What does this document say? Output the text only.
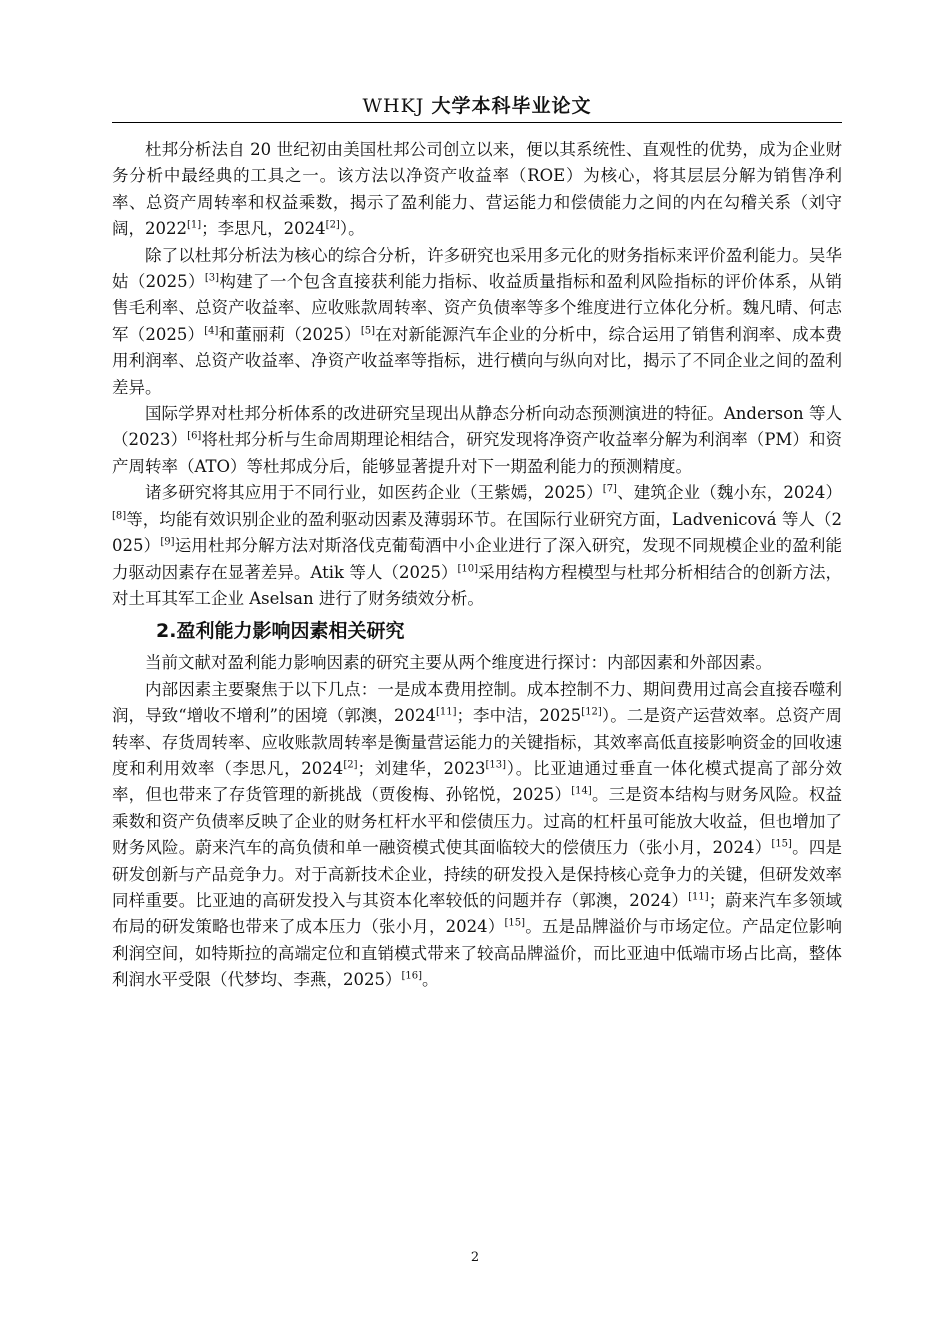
WHKJ 大学本科毕业论文

杜邦分析法自 20 世纪初由美国杜邦公司创立以来，便以其系统性、直观性的优势，成为企业财务分析中最经典的工具之一。该方法以净资产收益率（ROE）为核心，将其层层分解为销售净利率、总资产周转率和权益乘数，揭示了盈利能力、营运能力和偿债能力之间的内在勾稽关系（刘守阔，2022[1]；李思凡，2024[2]）。

除了以杜邦分析法为核心的综合分析，许多研究也采用多元化的财务指标来评价盈利能力。吴华姑（2025）[3]构建了一个包含直接获利能力指标、收益质量指标和盈利风险指标的评价体系，从销售毛利率、总资产收益率、应收账款周转率、资产负债率等多个维度进行立体化分析。魏凡晴、何志军（2025）[4]和董丽莉（2025）[5]在对新能源汽车企业的分析中，综合运用了销售利润率、成本费用利润率、总资产收益率、净资产收益率等指标，进行横向与纵向对比，揭示了不同企业之间的盈利差异。

国际学界对杜邦分析体系的改进研究呈现出从静态分析向动态预测演进的特征。Anderson 等人（2023）[6]将杜邦分析与生命周期理论相结合，研究发现将净资产收益率分解为利润率（PM）和资产周转率（ATO）等杜邦成分后，能够显著提升对下一期盈利能力的预测精度。

诸多研究将其应用于不同行业，如医药企业（王紫嫣，2025）[7]、建筑企业（魏小东，2024）[8]等，均能有效识别企业的盈利驱动因素及薄弱环节。在国际行业研究方面，Ladvenicová 等人（2025）[9]运用杜邦分解方法对斯洛伐克葡萄酒中小企业进行了深入研究，发现不同规模企业的盈利能力驱动因素存在显著差异。Atik 等人（2025）[10]采用结构方程模型与杜邦分析相结合的创新方法，对土耳其军工企业 Aselsan 进行了财务绩效分析。

2.盈利能力影响因素相关研究

当前文献对盈利能力影响因素的研究主要从两个维度进行探讨：内部因素和外部因素。

内部因素主要聚焦于以下几点：一是成本费用控制。成本控制不力、期间费用过高会直接吞噬利润，导致“增收不增利”的困境（郭澳，2024[11]；李中洁，2025[12]）。二是资产运营效率。总资产周转率、存货周转率、应收账款周转率是衡量营运能力的关键指标，其效率高低直接影响资金的回收速度和利用效率（李思凡，2024[2]；刘建华，2023[13]）。比亚迪通过垂直一体化模式提高了部分效率，但也带来了存货管理的新挑战（贾俊梅、孙铭悦，2025）[14]。三是资本结构与财务风险。权益乘数和资产负债率反映了企业的财务杠杆水平和偿债压力。过高的杠杆虽可能放大收益，但也增加了财务风险。蔚来汽车的高负债和单一融资模式使其面临较大的偿债压力（张小月，2024）[15]。四是研发创新与产品竞争力。对于高新技术企业，持续的研发投入是保持核心竞争力的关键，但研发效率同样重要。比亚迪的高研发投入与其资本化率较低的问题并存（郭澳，2024）[11]；蔚来汽车多领域布局的研发策略也带来了成本压力（张小月，2024）[15]。五是品牌溢价与市场定位。产品定位影响利润空间，如特斯拉的高端定位和直销模式带来了较高品牌溢价，而比亚迪中低端市场占比高，整体利润水平受限（代梦均、李燕，2025）[16]。

2
